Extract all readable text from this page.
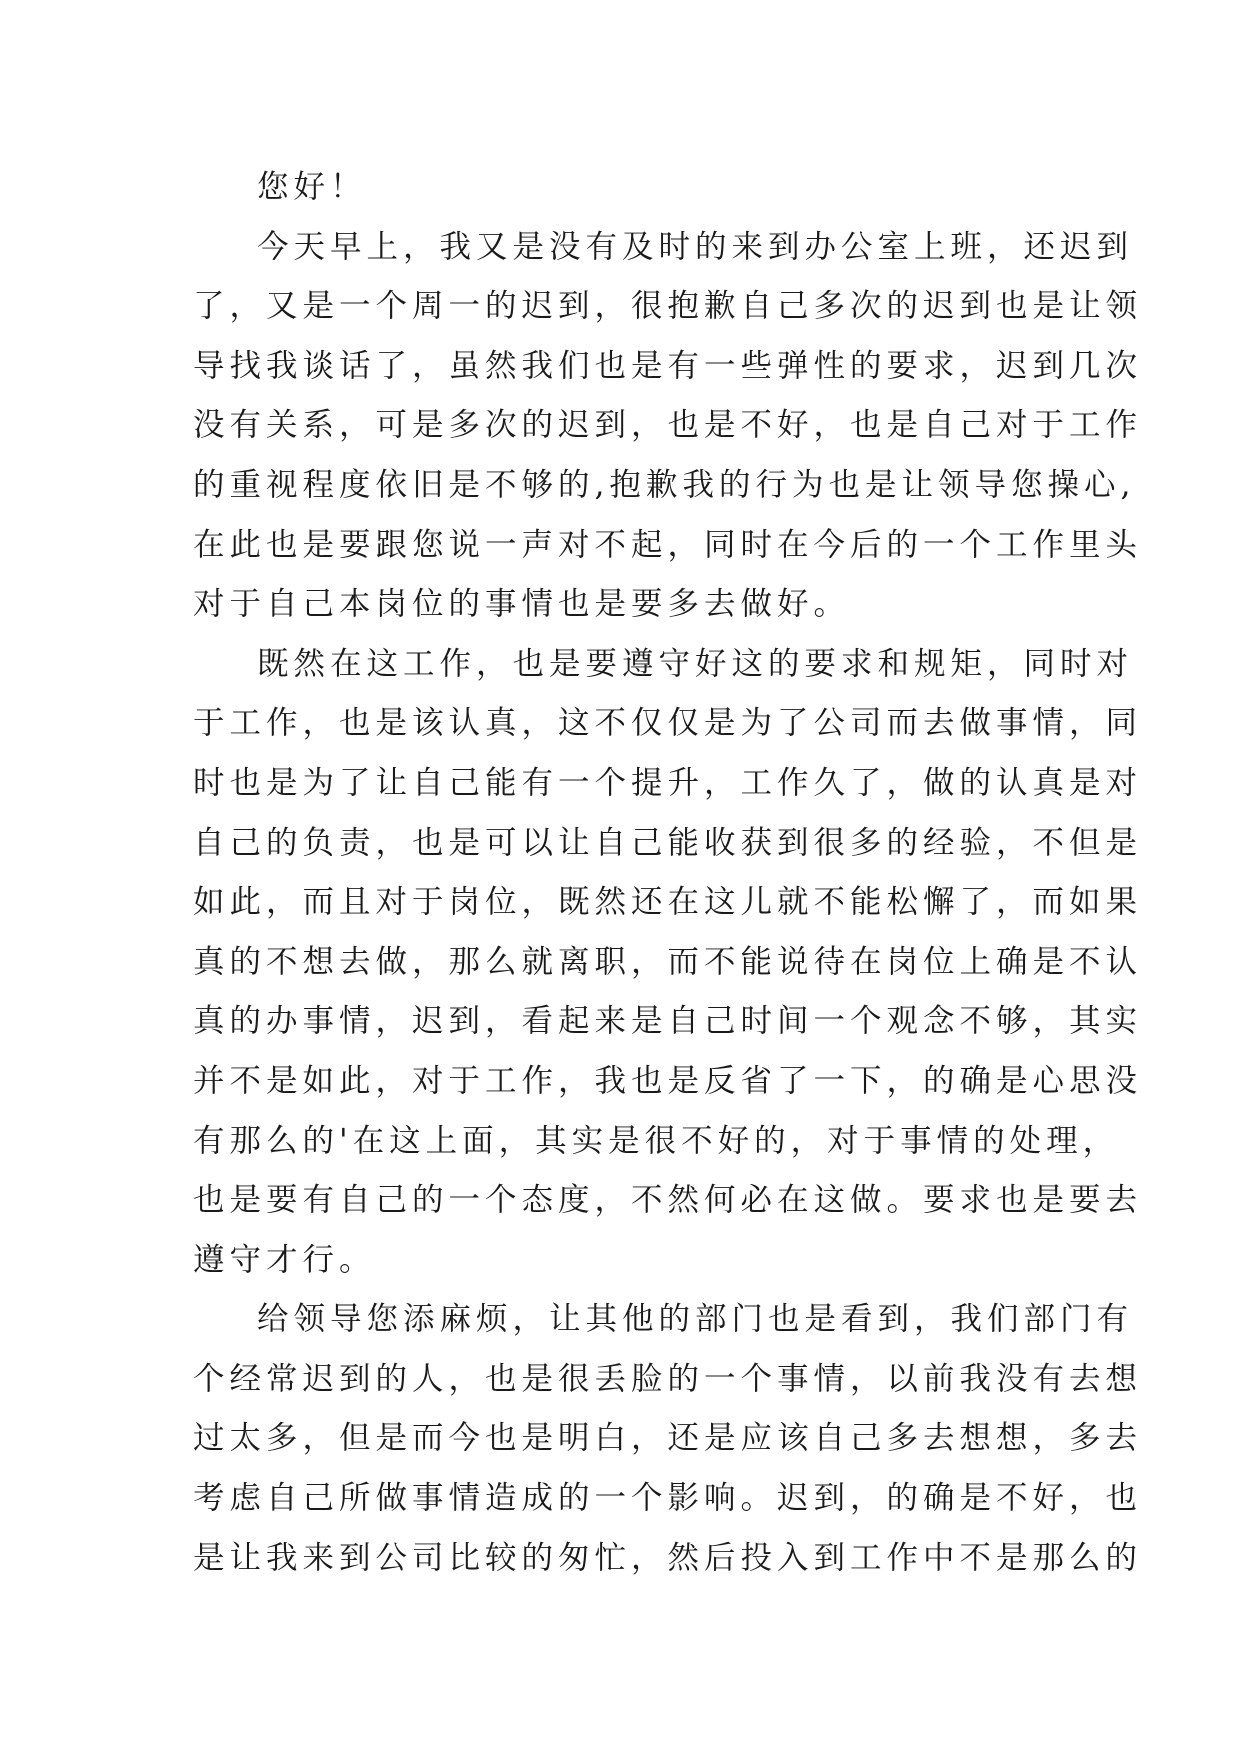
您好！
今天早上，我又是没有及时的来到办公室上班，还迟到
了，又是一个周一的迟到，很抱歉自己多次的迟到也是让领
导找我谈话了，虽然我们也是有一些弹性的要求，迟到几次
没有关系，可是多次的迟到，也是不好，也是自己对于工作
的重视程度依旧是不够的,抱歉我的行为也是让领导您操心,
在此也是要跟您说一声对不起，同时在今后的一个工作里头
对于自己本岗位的事情也是要多去做好。
既然在这工作，也是要遵守好这的要求和规矩，同时对
于工作，也是该认真，这不仅仅是为了公司而去做事情，同
时也是为了让自己能有一个提升，工作久了，做的认真是对
自己的负责，也是可以让自己能收获到很多的经验，不但是
如此，而且对于岗位，既然还在这儿就不能松懈了，而如果
真的不想去做，那么就离职，而不能说待在岗位上确是不认
真的办事情，迟到，看起来是自己时间一个观念不够，其实
并不是如此，对于工作，我也是反省了一下，的确是心思没
有那么的'在这上面，其实是很不好的，对于事情的处理，
也是要有自己的一个态度，不然何必在这做。要求也是要去
遵守才行。
给领导您添麻烦，让其他的部门也是看到，我们部门有
个经常迟到的人，也是很丢脸的一个事情，以前我没有去想
过太多，但是而今也是明白，还是应该自己多去想想，多去
考虑自己所做事情造成的一个影响。迟到，的确是不好，也
是让我来到公司比较的匆忙，然后投入到工作中不是那么的
